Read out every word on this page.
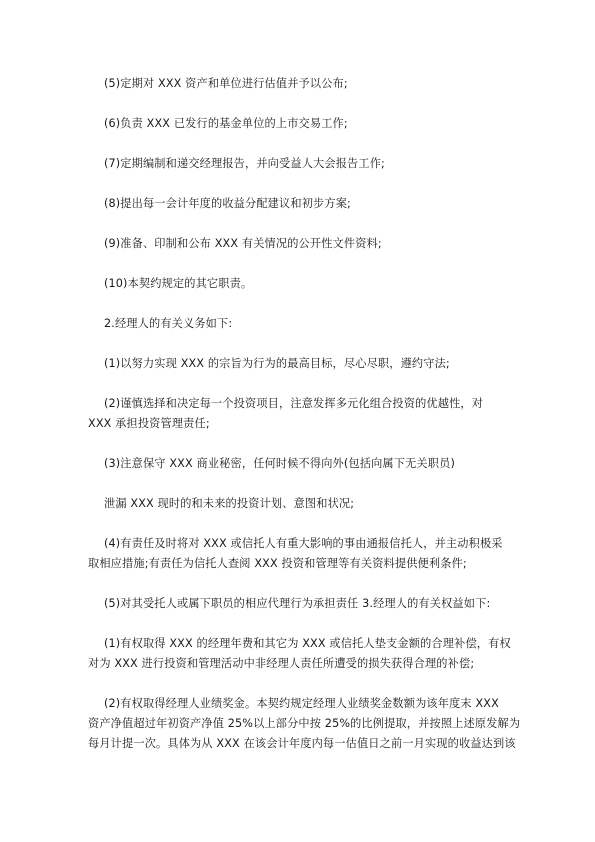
(5)定期对 XXX 资产和单位进行估值并予以公布;
(6)负责 XXX 已发行的基金单位的上市交易工作;
(7)定期编制和递交经理报告，并向受益人大会报告工作;
(8)提出每一会计年度的收益分配建议和初步方案;
(9)准备、印制和公布 XXX 有关情况的公开性文件资料;
(10)本契约规定的其它职责。
2.经理人的有关义务如下:
(1)以努力实现 XXX 的宗旨为行为的最高目标，尽心尽职，遵约守法;
(2)谨慎选择和决定每一个投资项目，注意发挥多元化组合投资的优越性，对
XXX 承担投资管理责任;
(3)注意保守 XXX 商业秘密，任何时候不得向外(包括向属下无关职员)
泄漏 XXX 现时的和未来的投资计划、意图和状况;
(4)有责任及时将对 XXX 或信托人有重大影响的事由通报信托人，并主动积极采
取相应措施;有责任为信托人查阅 XXX 投资和管理等有关资料提供便利条件;
(5)对其受托人或属下职员的相应代理行为承担责任 3.经理人的有关权益如下:
(1)有权取得 XXX 的经理年费和其它为 XXX 或信托人垫支金额的合理补偿，有权
对为 XXX 进行投资和管理活动中非经理人责任所遭受的损失获得合理的补偿;
(2)有权取得经理人业绩奖金。本契约规定经理人业绩奖金数额为该年度末 XXX
资产净值超过年初资产净值 25%以上部分中按 25%的比例提取，并按照上述原发解为
每月计提一次。具体为从 XXX 在该会计年度内每一估值日之前一月实现的收益达到该
